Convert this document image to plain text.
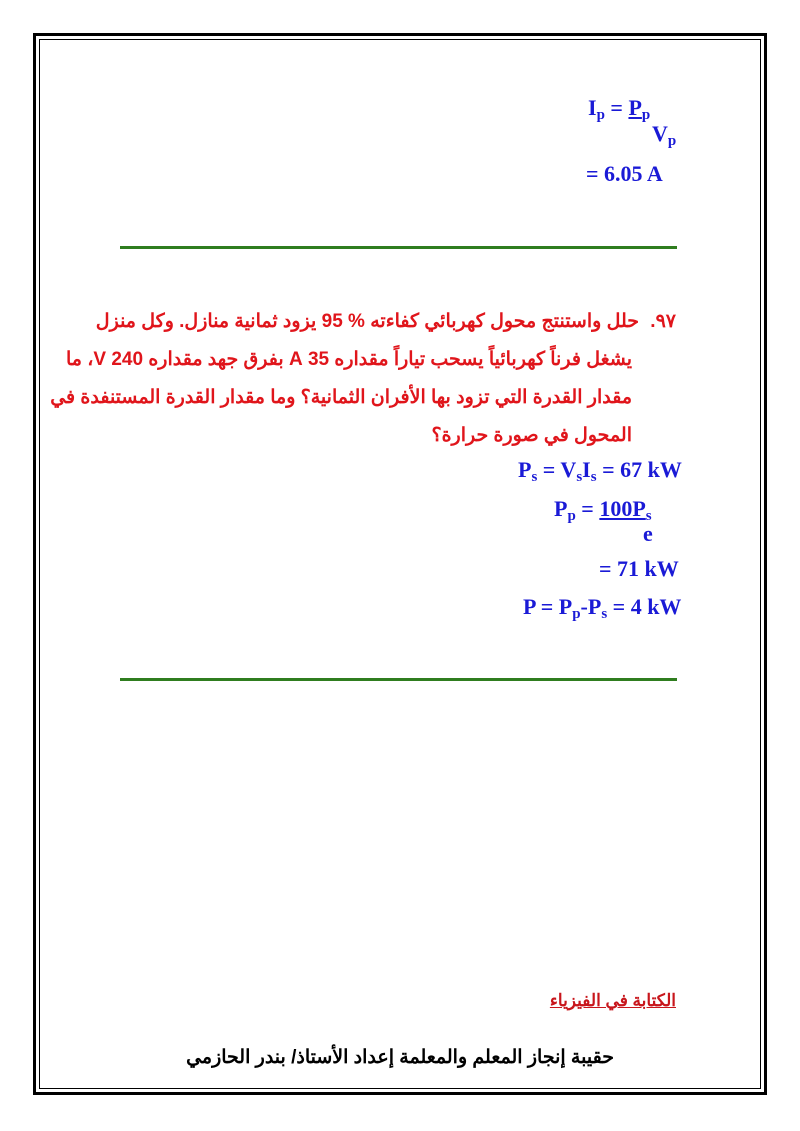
$I_p = P_p$
$V_p$
= 6.05 A
٩٧. حلل واستنتج محول كهربائي كفاءته % 95 يزود ثمانية منازل. وكل منزل
يشغل فرناً كهربائياً يسحب تياراً مقداره 35 A بفرق جهد مقداره 240 V، ما
مقدار القدرة التي تزود بها الأفران الثمانية؟ وما مقدار القدرة المستنفدة في
المحول في صورة حرارة؟
$P_s = V_sI_s = 67$ kW
$P_p = 100P_s$
e
= 71 kW
$P = P_p-P_s = 4$ kW
الكتابة في الفيزياء
حقيبة إنجاز المعلم والمعلمة إعداد الأستاذ/ بندر الحازمي
